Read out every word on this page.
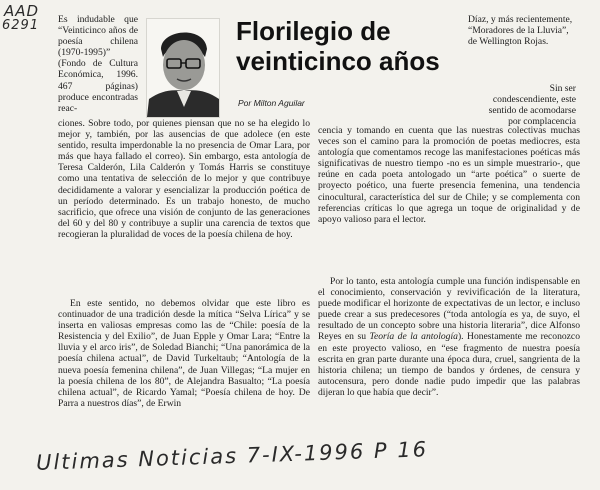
AAD
6291 Es indudable que “Veinticinco años de poesía chilena (1970-1995)” (Fondo de Cultura Económica, 1996. 467 páginas) produce encontradas reac-

Florilegio de
veinticinco años
Por Milton Aguilar

Díaz, y más recientemente, “Moradores de la Lluvia”, de Wellington Rojas.

Sin ser condescendiente, este sentido de acomodarse por complacencia

ciones. Sobre todo, por quienes piensan que no se ha elegido lo mejor y, también, por las ausencias de que adolece (en este sentido, resulta imperdonable la no presencia de Omar Lara, por más que haya fallado el correo). Sin embargo, esta antología de Teresa Calderón, Lila Calderón y Tomás Harris se constituye como una tentativa de selección de lo mejor y que contribuye decididamente a valorar y esencializar la producción poética de un período determinado. Es un trabajo honesto, de mucho sacrificio, que ofrece una visión de conjunto de las generaciones del 60 y del 80 y contribuye a suplir una carencia de textos que recogieran la pluralidad de voces de la poesía chilena de hoy.

En este sentido, no debemos olvidar que este libro es continuador de una tradición desde la mítica “Selva Lírica” y se inserta en valiosas empresas como las de “Chile: poesía de la Resistencia y del Exilio”, de Juan Epple y Omar Lara; “Entre la lluvia y el arco iris”, de Soledad Bianchi; “Una panorámica de la poesía chilena actual”, de David Turkeltaub; “Antología de la nueva poesía femenina chilena”, de Juan Villegas; “La mujer en la poesía chilena de los 80”, de Alejandra Basualto; “La poesía chilena actual”, de Ricardo Yamal; “Poesía chilena de hoy. De Parra a nuestros días”, de Erwin

cencia y tomando en cuenta que las nuestras colectivas muchas veces son el camino para la promoción de poetas mediocres, esta antología que comentamos recoge las manifestaciones poéticas más significativas de nuestro tiempo -no es un simple muestrario-, que reúne en cada poeta antologado un “arte poética” o suerte de proyecto poético, una fuerte presencia femenina, una tendencia cinocultural, característica del sur de Chile; y se complementa con referencias críticas lo que agrega un toque de originalidad y de apoyo valioso para el lector.

Por lo tanto, esta antología cumple una función indispensable en el conocimiento, conservación y revivificación de la literatura, puede modificar el horizonte de expectativas de un lector, e incluso puede crear a sus predecesores (“toda antología es ya, de suyo, el resultado de un concepto sobre una historia literaria”, dice Alfonso Reyes en su Teoría de la antología). Honestamente me reconozco en este proyecto valioso, en “ese fragmento de nuestra poesía escrita en gran parte durante una época dura, cruel, sangrienta de la historia chilena; un tiempo de bandos y órdenes, de censura y autocensura, pero donde nadie pudo impedir que las palabras dijeran lo que había que decir”.

Ultimas Noticias 7-IX-1996 P 16
